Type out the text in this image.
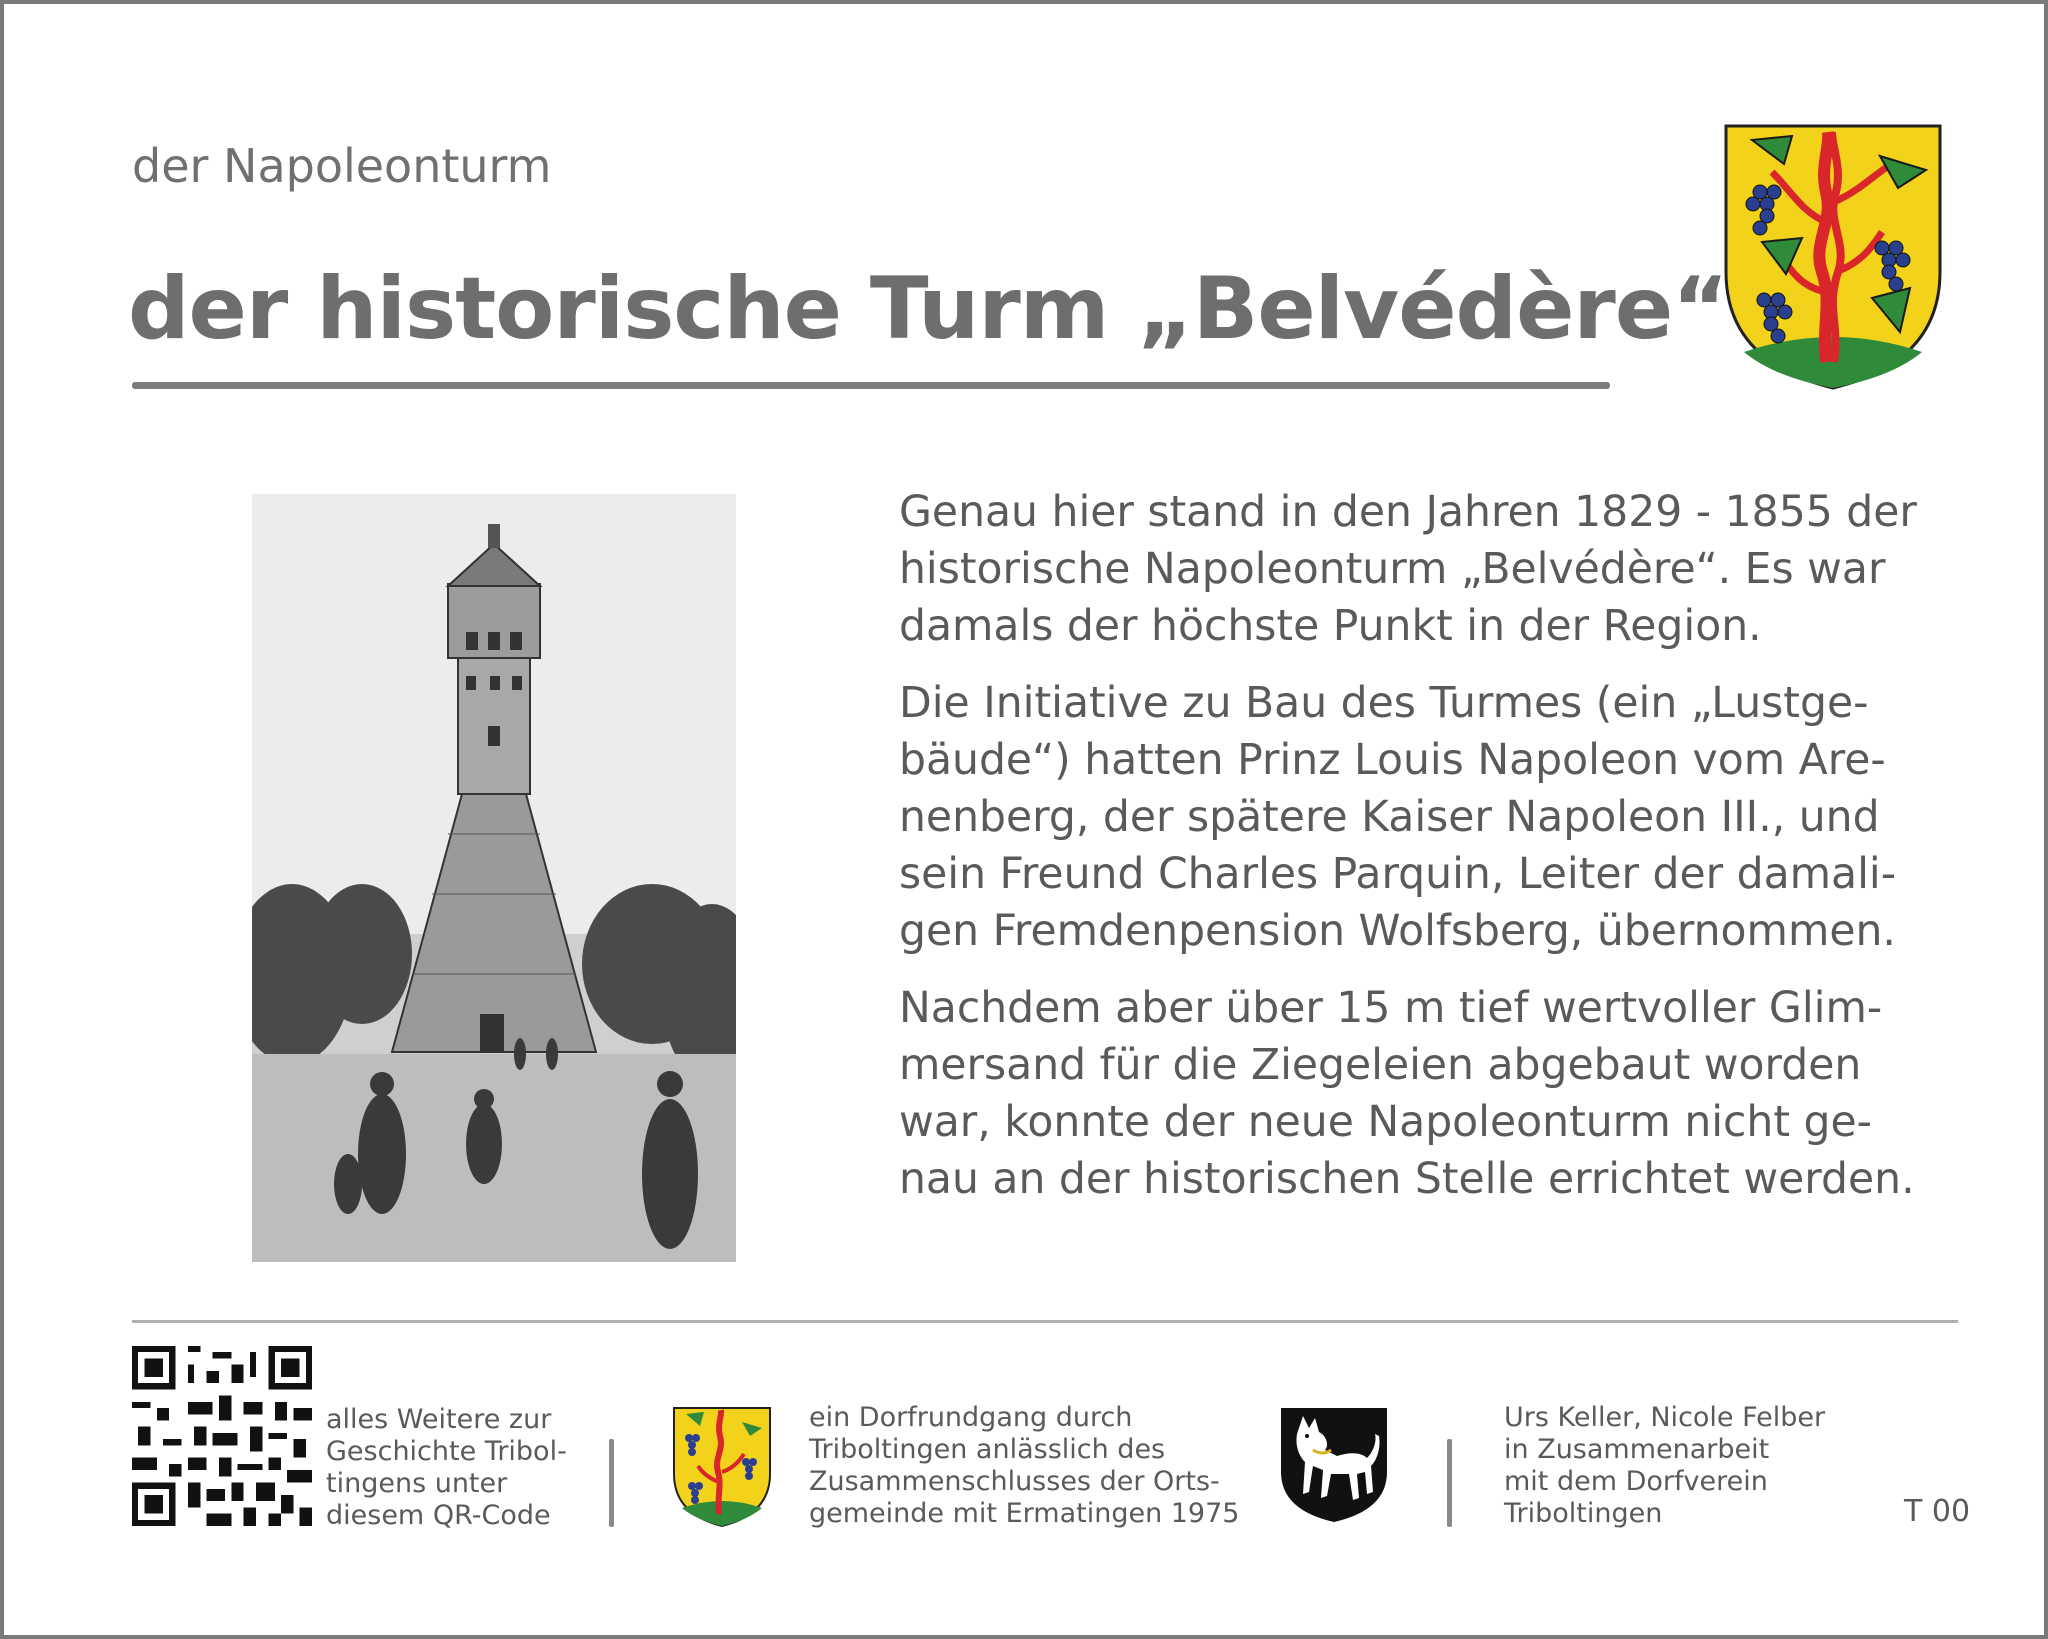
der Napoleonturm
der historische Turm „Belvédère“
Genau hier stand in den Jahren 1829 - 1855 der
historische Napoleonturm „Belvédère“. Es war
damals der höchste Punkt in der Region.
Die Initiative zu Bau des Turmes (ein „Lustge-
bäude“) hatten Prinz Louis Napoleon vom Are-
nenberg, der spätere Kaiser Napoleon III., und
sein Freund Charles Parquin, Leiter der damali-
gen Fremdenpension Wolfsberg, übernommen.
Nachdem aber über 15 m tief wertvoller Glim-
mersand für die Ziegeleien abgebaut worden
war, konnte der neue Napoleonturm nicht ge-
nau an der historischen Stelle errichtet werden.
alles Weitere zur
Geschichte Tribol-
tingens unter
diesem QR-Code
ein Dorfrundgang durch
Triboltingen anlässlich des
Zusammenschlusses der Orts-
gemeinde mit Ermatingen 1975
Urs Keller, Nicole Felber
in Zusammenarbeit
mit dem Dorfverein
Triboltingen	T 00
